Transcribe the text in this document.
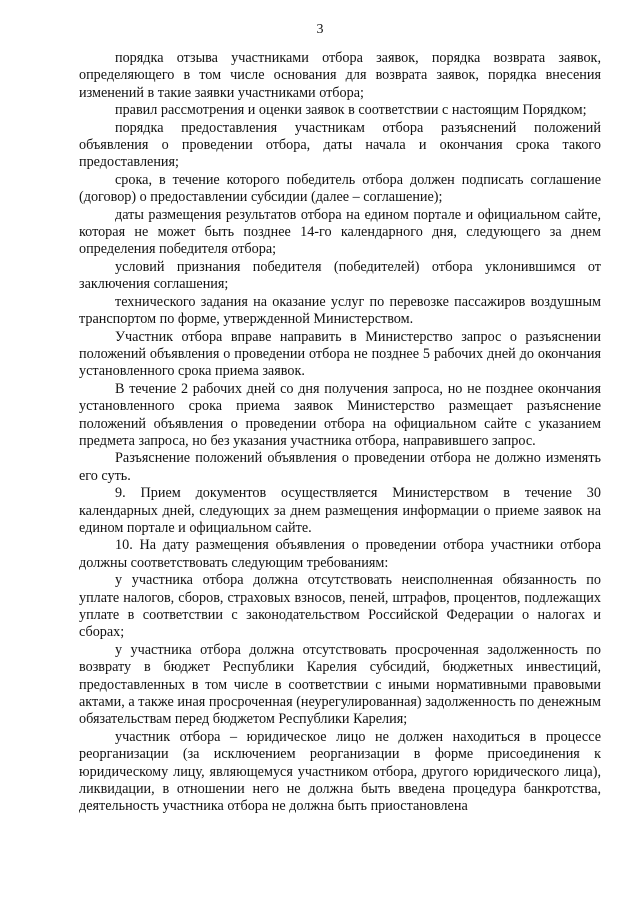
3

порядка отзыва участниками отбора заявок, порядка возврата заявок, определяющего в том числе основания для возврата заявок, порядка внесения изменений в такие заявки участниками отбора;

правил рассмотрения и оценки заявок в соответствии с настоящим Порядком;

порядка предоставления участникам отбора разъяснений положений объявления о проведении отбора, даты начала и окончания срока такого предоставления;

срока, в течение которого победитель отбора должен подписать соглашение (договор) о предоставлении субсидии (далее – соглашение);

даты размещения результатов отбора на едином портале и официальном сайте, которая не может быть позднее 14-го календарного дня, следующего за днем определения победителя отбора;

условий признания победителя (победителей) отбора уклонившимся от заключения соглашения;

технического задания на оказание услуг по перевозке пассажиров воздушным транспортом по форме, утвержденной Министерством.

Участник отбора вправе направить в Министерство запрос о разъяснении положений объявления о проведении отбора не позднее 5 рабочих дней до окончания установленного срока приема заявок.

В течение 2 рабочих дней со дня получения запроса, но не позднее окончания установленного срока приема заявок Министерство размещает разъяснение положений объявления о проведении отбора на официальном сайте с указанием предмета запроса, но без указания участника отбора, направившего запрос.

Разъяснение положений объявления о проведении отбора не должно изменять его суть.

9. Прием документов осуществляется Министерством в течение 30 календарных дней, следующих за днем размещения информации о приеме заявок на едином портале и официальном сайте.

10. На дату размещения объявления о проведении отбора участники отбора должны соответствовать следующим требованиям:

у участника отбора должна отсутствовать неисполненная обязанность по уплате налогов, сборов, страховых взносов, пеней, штрафов, процентов, подлежащих уплате в соответствии с законодательством Российской Федерации о налогах и сборах;

у участника отбора должна отсутствовать просроченная задолженность по возврату в бюджет Республики Карелия субсидий, бюджетных инвестиций, предоставленных в том числе в соответствии с иными нормативными правовыми актами, а также иная просроченная (неурегулированная) задолженность по денежным обязательствам перед бюджетом Республики Карелия;

участник отбора – юридическое лицо не должен находиться в процессе реорганизации (за исключением реорганизации в форме присоединения к юридическому лицу, являющемуся участником отбора, другого юридического лица), ликвидации, в отношении него не должна быть введена процедура банкротства, деятельность участника отбора не должна быть приостановлена
